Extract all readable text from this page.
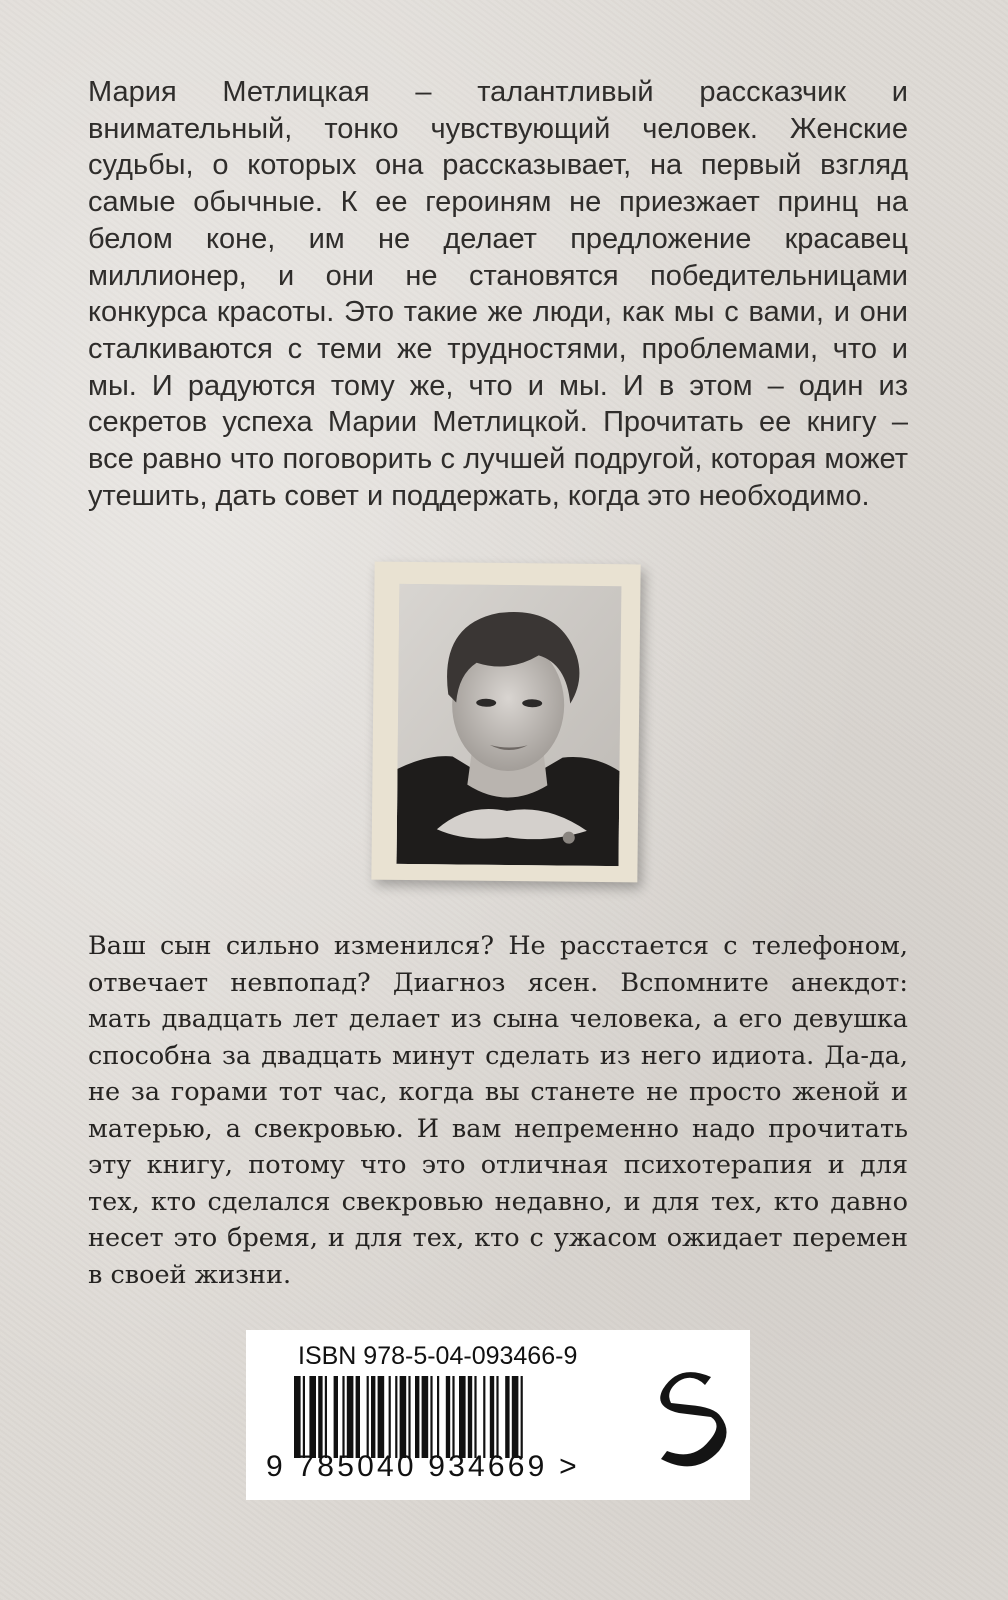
Мария Метлицкая – талантливый рассказчик и внимательный, тонко чувствующий человек. Женские судьбы, о которых она рассказывает, на первый взгляд самые обычные. К ее героиням не приезжает принц на белом коне, им не делает предложение красавец миллионер, и они не становятся победительницами конкурса красоты. Это такие же люди, как мы с вами, и они сталкиваются с теми же трудностями, проблемами, что и мы. И радуются тому же, что и мы. И в этом – один из секретов успеха Марии Метлицкой. Прочитать ее книгу – все равно что поговорить с лучшей подругой, которая может утешить, дать совет и поддержать, когда это необходимо.

Ваш сын сильно изменился? Не расстается с телефоном, отвечает невпопад? Диагноз ясен. Вспомните анекдот: мать двадцать лет делает из сына человека, а его девушка способна за двадцать минут сделать из него идиота. Да-да, не за горами тот час, когда вы станете не просто женой и матерью, а свекровью. И вам непременно надо прочитать эту книгу, потому что это отличная психотерапия и для тех, кто сделался свекровью недавно, и для тех, кто давно несет это бремя, и для тех, кто с ужасом ожидает перемен в своей жизни.

ISBN 978-5-04-093466-9
9 785040 934669 >
